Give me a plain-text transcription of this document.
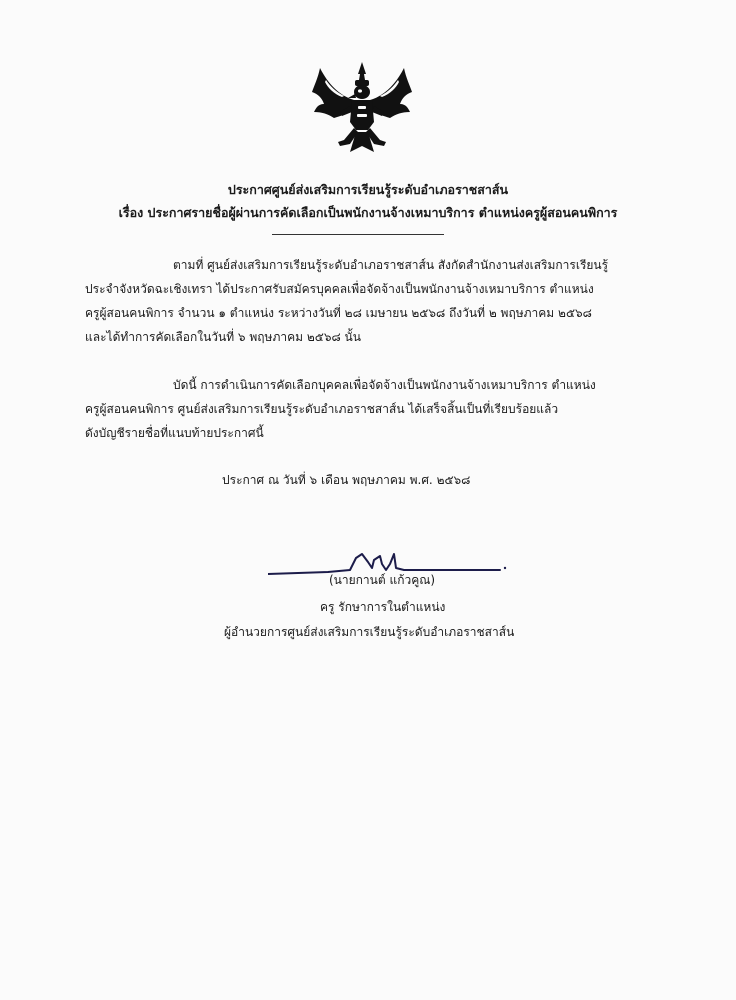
ประกาศศูนย์ส่งเสริมการเรียนรู้ระดับอำเภอราชสาส์น
เรื่อง ประกาศรายชื่อผู้ผ่านการคัดเลือกเป็นพนักงานจ้างเหมาบริการ ตำแหน่งครูผู้สอนคนพิการ
ตามที่ ศูนย์ส่งเสริมการเรียนรู้ระดับอำเภอราชสาส์น สังกัดสำนักงานส่งเสริมการเรียนรู้
ประจำจังหวัดฉะเชิงเทรา ได้ประกาศรับสมัครบุคคลเพื่อจัดจ้างเป็นพนักงานจ้างเหมาบริการ ตำแหน่ง
ครูผู้สอนคนพิการ จำนวน ๑ ตำแหน่ง ระหว่างวันที่ ๒๘ เมษายน ๒๕๖๘ ถึงวันที่ ๒ พฤษภาคม ๒๕๖๘
และได้ทำการคัดเลือกในวันที่ ๖ พฤษภาคม ๒๕๖๘ นั้น
บัดนี้ การดำเนินการคัดเลือกบุคคลเพื่อจัดจ้างเป็นพนักงานจ้างเหมาบริการ ตำแหน่ง
ครูผู้สอนคนพิการ ศูนย์ส่งเสริมการเรียนรู้ระดับอำเภอราชสาส์น ได้เสร็จสิ้นเป็นที่เรียบร้อยแล้ว
ดังบัญชีรายชื่อที่แนบท้ายประกาศนี้
ประกาศ ณ วันที่ ๖ เดือน พฤษภาคม พ.ศ. ๒๕๖๘
(นายกานต์ แก้วคูณ)
ครู รักษาการในตำแหน่ง
ผู้อำนวยการศูนย์ส่งเสริมการเรียนรู้ระดับอำเภอราชสาส์น
